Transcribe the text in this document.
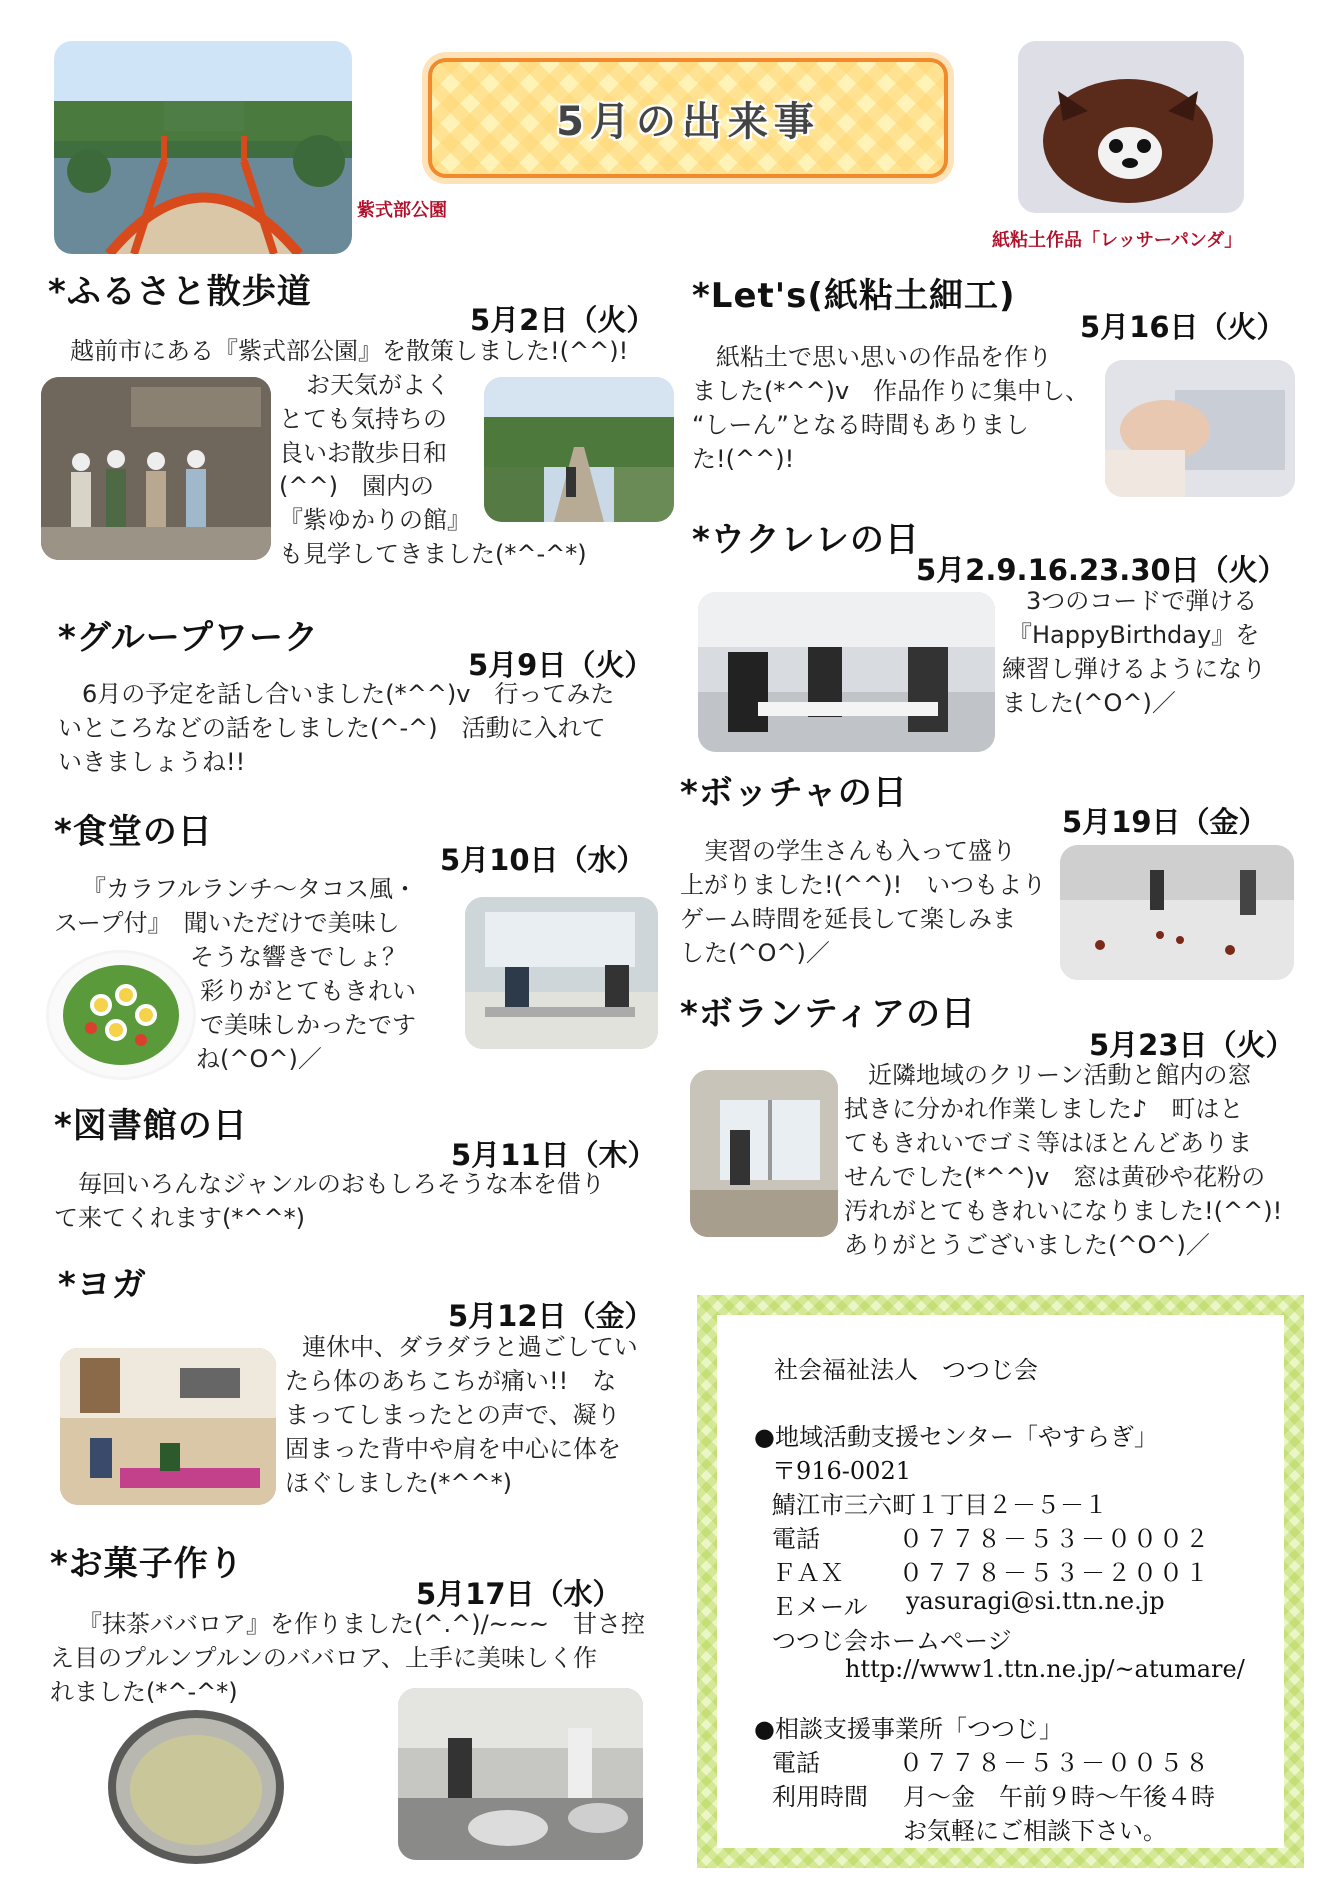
紫式部公園
5月の出来事
紙粘土作品「レッサーパンダ」
*ふるさと散歩道
5月2日（火）
越前市にある『紫式部公園』を散策しました!(^^)!
お天気がよく
とても気持ちの
良いお散歩日和
(^^)　園内の
『紫ゆかりの館』
も見学してきました(*^-^*)
*グループワーク
5月9日（火）
6月の予定を話し合いました(*^^)v　行ってみた
いところなどの話をしました(^-^)　活動に入れて
いきましょうね!!
*食堂の日
5月10日（水）
『カラフルランチ～タコス風・
スープ付』　聞いただけで美味し
そうな響きでしょ？
彩りがとてもきれい
で美味しかったです
ね(^O^)／
*図書館の日
5月11日（木）
毎回いろんなジャンルのおもしろそうな本を借り
て来てくれます(*^^*)
*ヨガ
5月12日（金）
連休中、ダラダラと過ごしてい
たら体のあちこちが痛い!!　な
まってしまったとの声で、凝り
固まった背中や肩を中心に体を
ほぐしました(*^^*)
*お菓子作り
5月17日（水）
『抹茶ババロア』を作りました(^.^)/~~~　甘さ控
え目のプルンプルンのババロア、上手に美味しく作
れました(*^-^*)
*Let's(紙粘土細工)
5月16日（火）
紙粘土で思い思いの作品を作り
ました(*^^)v　作品作りに集中し、
“しーん”となる時間もありまし
た!(^^)!
*ウクレレの日
5月2.9.16.23.30日（火）
3つのコードで弾ける
『HappyBirthday』を
練習し弾けるようになり
ました(^O^)／
*ボッチャの日
5月19日（金）
実習の学生さんも入って盛り
上がりました!(^^)!　いつもより
ゲーム時間を延長して楽しみま
した(^O^)／
*ボランティアの日
5月23日（火）
近隣地域のクリーン活動と館内の窓
拭きに分かれ作業しました♪　町はと
てもきれいでゴミ等はほとんどありま
せんでした(*^^)v　窓は黄砂や花粉の
汚れがとてもきれいになりました!(^^)!
ありがとうございました(^O^)／
社会福祉法人　つつじ会
●地域活動支援センター「やすらぎ」
〒916-0021
鯖江市三六町１丁目２－５－１
電話	０７７８－５３－０００２
ＦＡＸ ０７７８－５３－２００１
Ｅメール yasuragi@si.ttn.ne.jp
つつじ会ホームページ
http://www1.ttn.ne.jp/~atumare/
●相談支援事業所「つつじ」
電話	０７７８－５３－００５８
利用時間 月～金　午前９時～午後４時
お気軽にご相談下さい。
